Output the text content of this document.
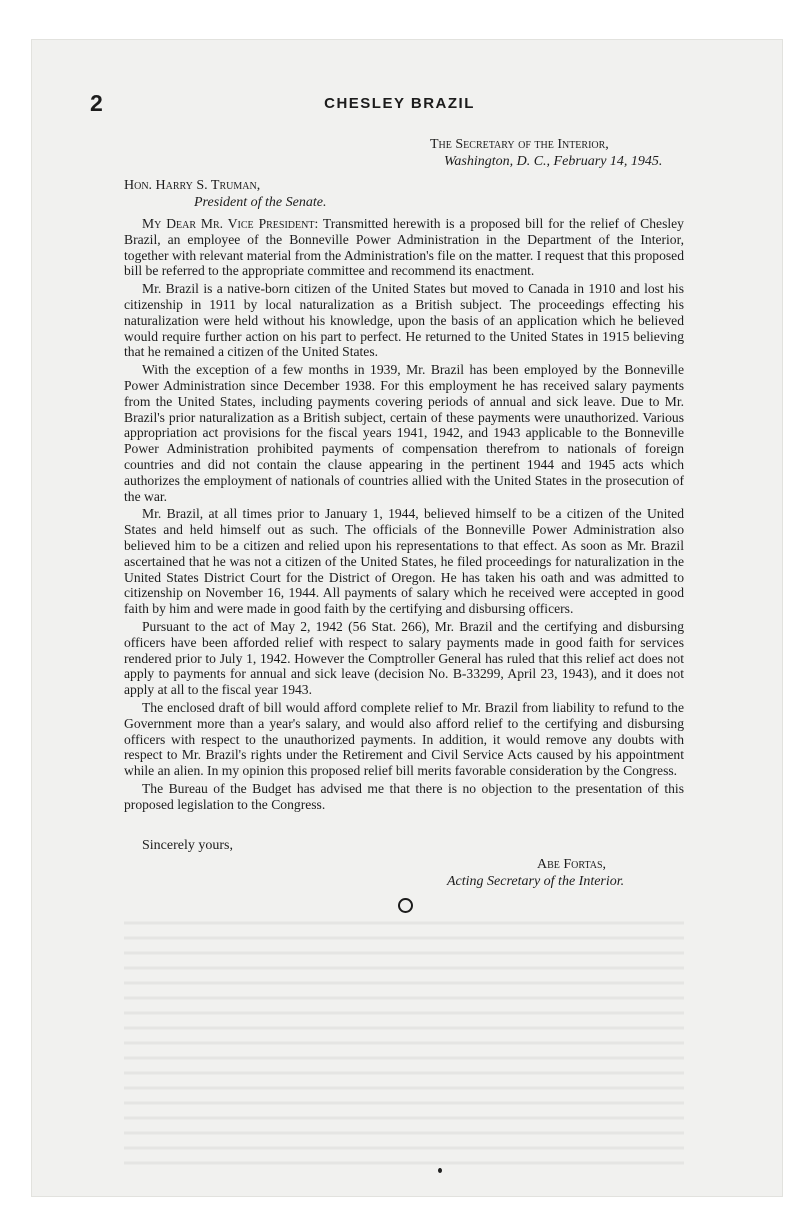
2	CHESLEY BRAZIL
The Secretary of the Interior,
Washington, D. C., February 14, 1945.
Hon. Harry S. Truman,
President of the Senate.

My Dear Mr. Vice President: Transmitted herewith is a proposed bill for the relief of Chesley Brazil, an employee of the Bonneville Power Administration in the Department of the Interior, together with relevant material from the Administration's file on the matter. I request that this proposed bill be referred to the appropriate committee and recommend its enactment.

Mr. Brazil is a native-born citizen of the United States but moved to Canada in 1910 and lost his citizenship in 1911 by local naturalization as a British subject. The proceedings effecting his naturalization were held without his knowledge, upon the basis of an application which he believed would require further action on his part to perfect. He returned to the United States in 1915 believing that he remained a citizen of the United States.

With the exception of a few months in 1939, Mr. Brazil has been employed by the Bonneville Power Administration since December 1938. For this employment he has received salary payments from the United States, including payments covering periods of annual and sick leave. Due to Mr. Brazil's prior naturalization as a British subject, certain of these payments were unauthorized. Various appropriation act provisions for the fiscal years 1941, 1942, and 1943 applicable to the Bonneville Power Administration prohibited payments of compensation therefrom to nationals of foreign countries and did not contain the clause appearing in the pertinent 1944 and 1945 acts which authorizes the employment of nationals of countries allied with the United States in the prosecution of the war.

Mr. Brazil, at all times prior to January 1, 1944, believed himself to be a citizen of the United States and held himself out as such. The officials of the Bonneville Power Administration also believed him to be a citizen and relied upon his representations to that effect. As soon as Mr. Brazil ascertained that he was not a citizen of the United States, he filed proceedings for naturalization in the United States District Court for the District of Oregon. He has taken his oath and was admitted to citizenship on November 16, 1944. All payments of salary which he received were accepted in good faith by him and were made in good faith by the certifying and disbursing officers.

Pursuant to the act of May 2, 1942 (56 Stat. 266), Mr. Brazil and the certifying and disbursing officers have been afforded relief with respect to salary payments made in good faith for services rendered prior to July 1, 1942. However the Comptroller General has ruled that this relief act does not apply to payments for annual and sick leave (decision No. B-33299, April 23, 1943), and it does not apply at all to the fiscal year 1943.

The enclosed draft of bill would afford complete relief to Mr. Brazil from liability to refund to the Government more than a year's salary, and would also afford relief to the certifying and disbursing officers with respect to the unauthorized payments. In addition, it would remove any doubts with respect to Mr. Brazil's rights under the Retirement and Civil Service Acts caused by his appointment while an alien. In my opinion this proposed relief bill merits favorable consideration by the Congress.

The Bureau of the Budget has advised me that there is no objection to the presentation of this proposed legislation to the Congress.

Sincerely yours,
Abe Fortas,
Acting Secretary of the Interior.
